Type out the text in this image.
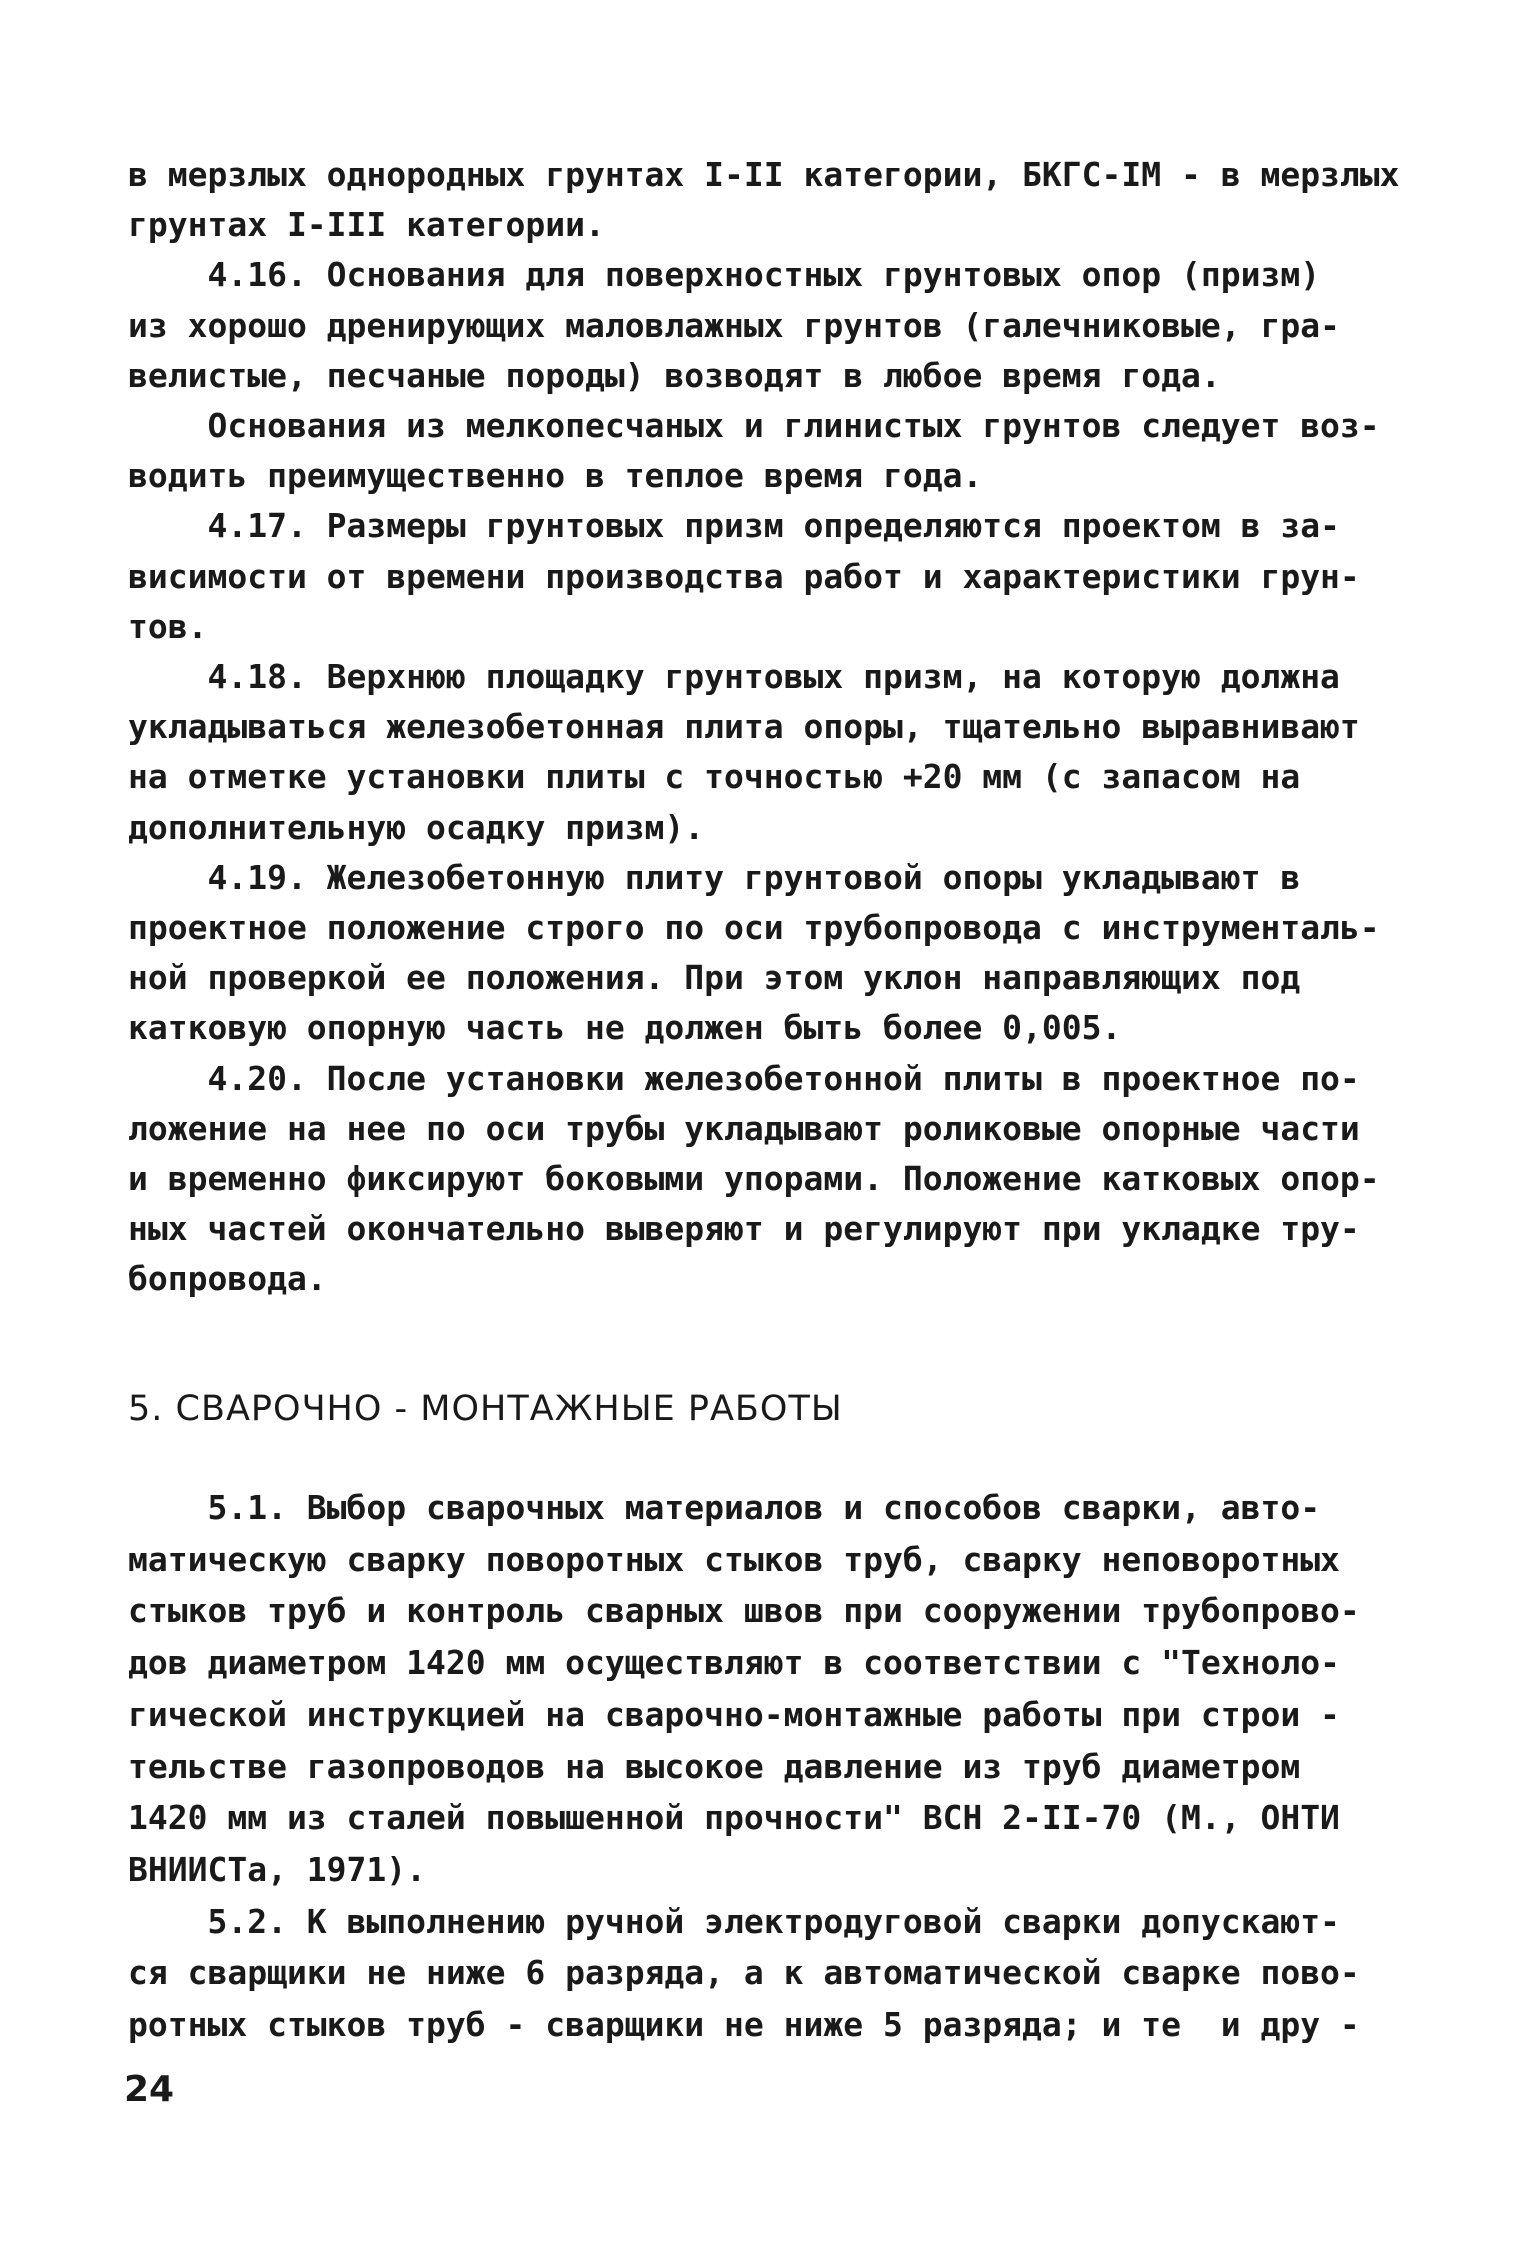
в мерзлых однородных грунтах I-II категории, БКГС-IM - в мерзлых
грунтах I-III категории.
4.16. Основания для поверхностных грунтовых опор (призм)
из хорошо дренирующих маловлажных грунтов (галечниковые, гра-
велистые, песчаные породы) возводят в любое время года.
Основания из мелкопесчаных и глинистых грунтов следует воз-
водить преимущественно в теплое время года.
4.17. Размеры грунтовых призм определяются проектом в за-
висимости от времени производства работ и характеристики грун-
тов.
4.18. Верхнюю площадку грунтовых призм, на которую должна
укладываться железобетонная плита опоры, тщательно выравнивают
на отметке установки плиты с точностью +20 мм (с запасом на
дополнительную осадку призм).
4.19. Железобетонную плиту грунтовой опоры укладывают в
проектное положение строго по оси трубопровода с инструменталь-
ной проверкой ее положения. При этом уклон направляющих под
катковую опорную часть не должен быть более 0,005.
4.20. После установки железобетонной плиты в проектное по-
ложение на нее по оси трубы укладывают роликовые опорные части
и временно фиксируют боковыми упорами. Положение катковых опор-
ных частей окончательно выверяют и регулируют при укладке тру-
бопровода.
5. СВАРОЧНО - МОНТАЖНЫЕ РАБОТЫ
5.1. Выбор сварочных материалов и способов сварки, авто-
матическую сварку поворотных стыков труб, сварку неповоротных
стыков труб и контроль сварных швов при сооружении трубопрово-
дов диаметром 1420 мм осуществляют в соответствии с "Техноло-
гической инструкцией на сварочно-монтажные работы при строи -
тельстве газопроводов на высокое давление из труб диаметром
1420 мм из сталей повышенной прочности" ВСН 2-II-70 (М., ОНТИ
ВНИИСТа, 1971).
5.2. К выполнению ручной электродуговой сварки допускают-
ся сварщики не ниже 6 разряда, а к автоматической сварке пово-
ротных стыков труб - сварщики не ниже 5 разряда; и те  и дру -
24
